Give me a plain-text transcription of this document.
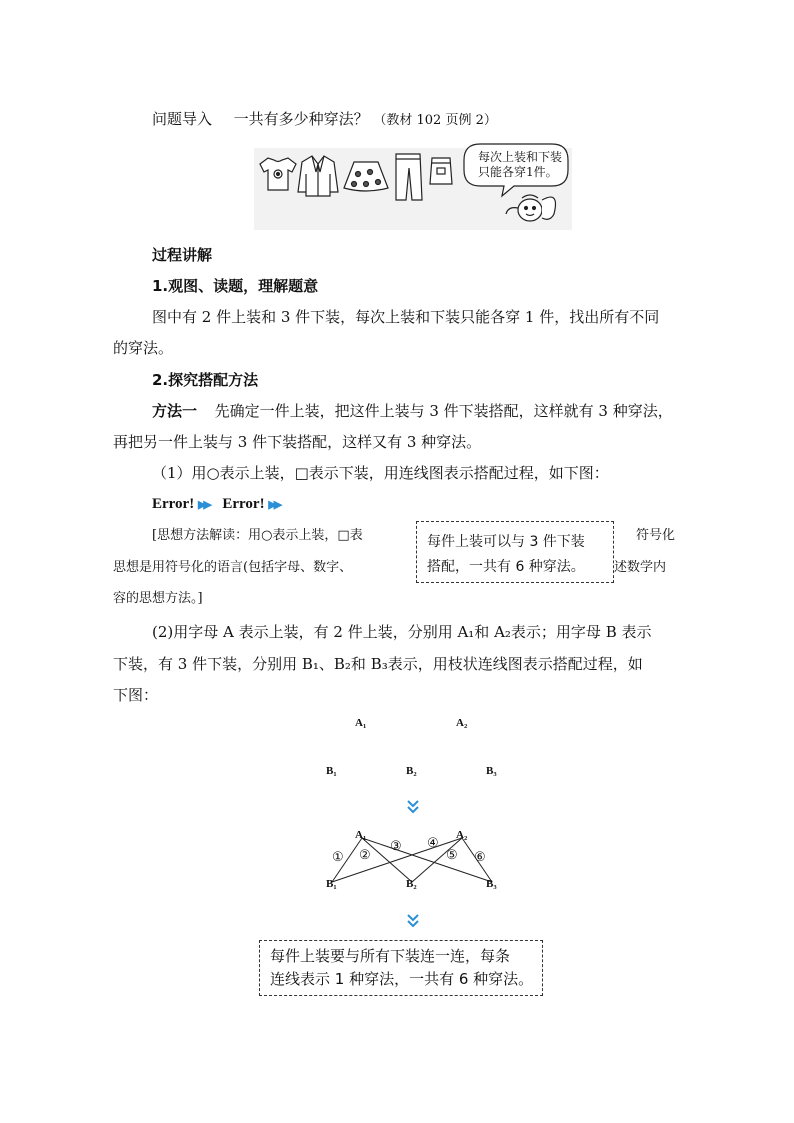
问题导入 一共有多少种穿法？ （教材 102 页例 2）
每次上装和下装
只能各穿1件。
过程讲解
1.观图、读题，理解题意
图中有 2 件上装和 3 件下装，每次上装和下装只能各穿 1 件，找出所有不同
的穿法。
2.探究搭配方法
方法一 先确定一件上装，把这件上装与 3 件下装搭配，这样就有 3 种穿法，
再把另一件上装与 3 件下装搭配，这样又有 3 种穿法。
（1）用○表示上装，□表示下装，用连线图表示搭配过程，如下图：
Error! ▶▶ Error! ▶▶
[思想方法解读：用○表示上装，□表	符号化
思想是用符号化的语言(包括字母、数字、	述数学内
容的思想方法。]
每件上装可以与 3 件下装
搭配，一共有 6 种穿法。
(2)用字母 A 表示上装，有 2 件上装，分别用 A₁和 A₂表示；用字母 B 表示
下装，有 3 件下装，分别用 B₁、B₂和 B₃表示，用枝状连线图表示搭配过程，如
下图：
A₁	A₂
B₁	B₂	B₃
A₁	A₂
B₁	B₂	B₃
① ②
③ ④
⑤ ⑥
每件上装要与所有下装连一连，每条
连线表示 1 种穿法，一共有 6 种穿法。
